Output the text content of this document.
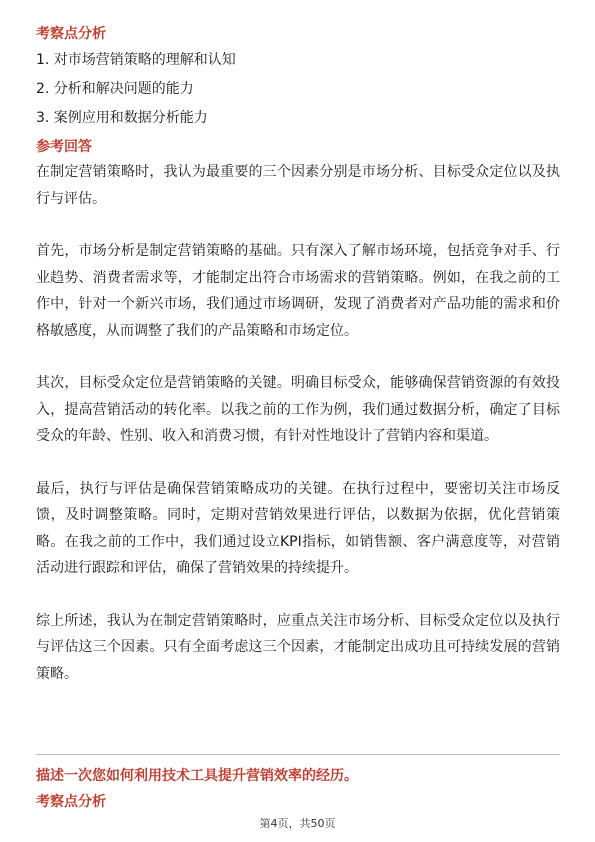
考察点分析

1. 对市场营销策略的理解和认知

2. 分析和解决问题的能力

3. 案例应用和数据分析能力

参考回答

在制定营销策略时，我认为最重要的三个因素分别是市场分析、目标受众定位以及执行与评估。

首先，市场分析是制定营销策略的基础。只有深入了解市场环境，包括竞争对手、行业趋势、消费者需求等，才能制定出符合市场需求的营销策略。例如，在我之前的工作中，针对一个新兴市场，我们通过市场调研，发现了消费者对产品功能的需求和价格敏感度，从而调整了我们的产品策略和市场定位。

其次，目标受众定位是营销策略的关键。明确目标受众，能够确保营销资源的有效投入，提高营销活动的转化率。以我之前的工作为例，我们通过数据分析，确定了目标受众的年龄、性别、收入和消费习惯，有针对性地设计了营销内容和渠道。

最后，执行与评估是确保营销策略成功的关键。在执行过程中，要密切关注市场反馈，及时调整策略。同时，定期对营销效果进行评估，以数据为依据，优化营销策略。在我之前的工作中，我们通过设立KPI指标，如销售额、客户满意度等，对营销活动进行跟踪和评估，确保了营销效果的持续提升。

综上所述，我认为在制定营销策略时，应重点关注市场分析、目标受众定位以及执行与评估这三个因素。只有全面考虑这三个因素，才能制定出成功且可持续发展的营销策略。

描述一次您如何利用技术工具提升营销效率的经历。

考察点分析

第4页，共50页
